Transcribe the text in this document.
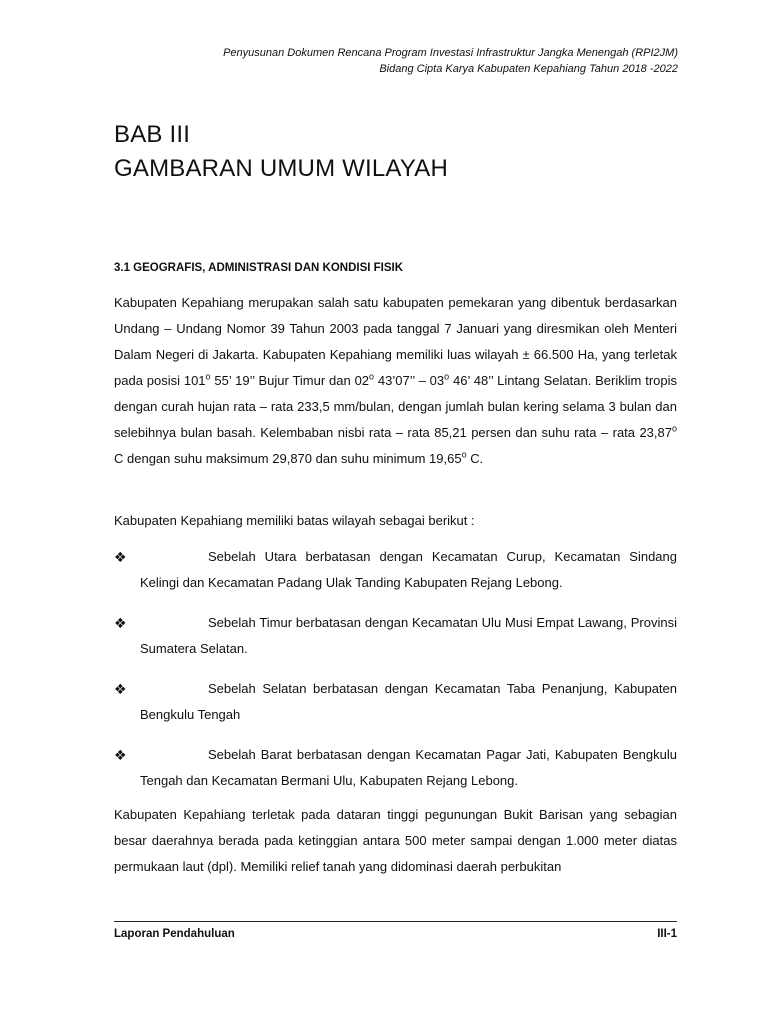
Penyusunan Dokumen Rencana Program Investasi Infrastruktur Jangka Menengah (RPI2JM)
Bidang Cipta Karya Kabupaten Kepahiang Tahun 2018 -2022
BAB III
GAMBARAN UMUM WILAYAH
3.1 GEOGRAFIS, ADMINISTRASI DAN KONDISI FISIK
Kabupaten Kepahiang merupakan salah satu kabupaten pemekaran yang dibentuk berdasarkan Undang – Undang Nomor 39 Tahun 2003 pada tanggal 7 Januari yang diresmikan oleh Menteri Dalam Negeri di Jakarta. Kabupaten Kepahiang memiliki luas wilayah ± 66.500 Ha, yang terletak pada posisi 101$^o$ 55’ 19’’ Bujur Timur dan 02$^o$ 43’07’’ – 03$^o$ 46’ 48’’ Lintang Selatan. Beriklim tropis dengan curah hujan rata – rata 233,5 mm/bulan, dengan jumlah bulan kering selama 3 bulan dan selebihnya bulan basah. Kelembaban nisbi rata – rata 85,21 persen dan suhu rata – rata 23,87$^o$ C dengan suhu maksimum 29,870 dan suhu minimum 19,65$^o$ C.
Kabupaten Kepahiang memiliki batas wilayah sebagai berikut :
❖	Sebelah Utara berbatasan dengan Kecamatan Curup, Kecamatan Sindang Kelingi dan Kecamatan Padang Ulak Tanding Kabupaten Rejang Lebong.
❖	Sebelah Timur berbatasan dengan Kecamatan Ulu Musi Empat Lawang, Provinsi Sumatera Selatan.
❖	Sebelah Selatan berbatasan dengan Kecamatan Taba Penanjung, Kabupaten Bengkulu Tengah
❖	Sebelah Barat berbatasan dengan Kecamatan Pagar Jati, Kabupaten Bengkulu Tengah dan Kecamatan Bermani Ulu, Kabupaten Rejang Lebong.
Kabupaten Kepahiang terletak pada dataran tinggi pegunungan Bukit Barisan yang sebagian besar daerahnya berada pada ketinggian antara 500 meter sampai dengan 1.000 meter diatas permukaan laut (dpl). Memiliki relief tanah yang didominasi daerah perbukitan
Laporan Pendahuluan	III-1
